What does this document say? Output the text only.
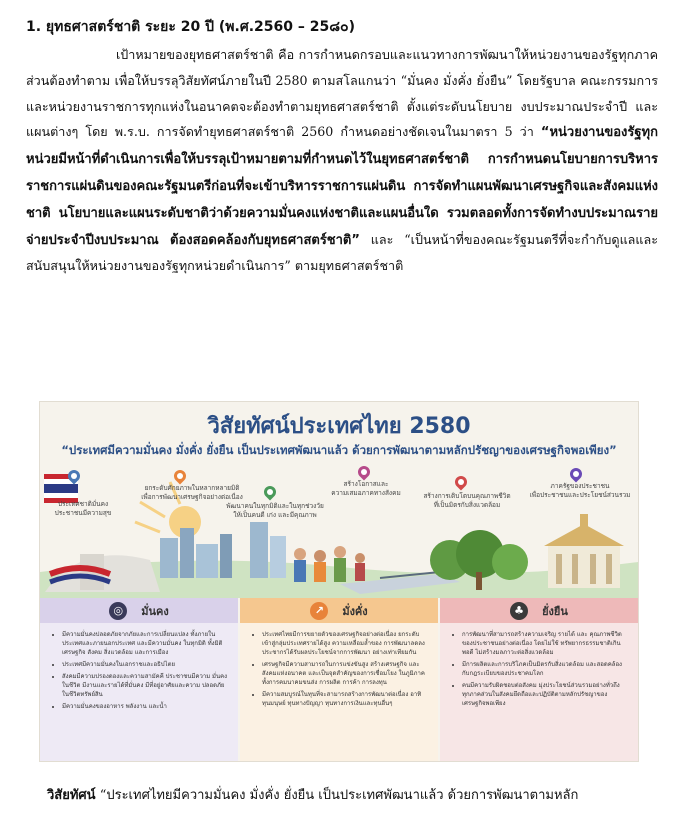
1. ยุทธศาสตร์ชาติ ระยะ 20 ปี (พ.ศ.2560 – 25๘๐)
เป้าหมายของยุทธศาสตร์ชาติ คือ การกำหนดกรอบและแนวทางการพัฒนาให้หน่วยงานของรัฐทุกภาคส่วนต้องทำตาม เพื่อให้บรรลุวิสัยทัศน์ภายในปี 2580 ตามสโลแกนว่า “มั่นคง มั่งคั่ง ยั่งยืน” โดยรัฐบาล คณะกรรมการ และหน่วยงานราชการทุกแห่งในอนาคตจะต้องทำตามยุทธศาสตร์ชาติ ตั้งแต่ระดับนโยบาย งบประมาณประจำปี และแผนต่างๆ โดย พ.ร.บ. การจัดทำยุทธศาสตร์ชาติ 2560 กำหนดอย่างชัดเจนในมาตรา 5 ว่า “หน่วยงานของรัฐทุกหน่วยมีหน้าที่ดำเนินการเพื่อให้บรรลุเป้าหมายตามที่กำหนดไว้ในยุทธศาสตร์ชาติ การกำหนดนโยบายการบริหารราชการแผ่นดินของคณะรัฐมนตรีก่อนที่จะเข้าบริหารราชการแผ่นดิน การจัดทำแผนพัฒนาเศรษฐกิจและสังคมแห่งชาติ นโยบายและแผนระดับชาติว่าด้วยความมั่นคงแห่งชาติและแผนอื่นใด รวมตลอดทั้งการจัดทำงบประมาณรายจ่ายประจำปีงบประมาณ ต้องสอดคล้องกับยุทธศาสตร์ชาติ” และ “เป็นหน้าที่ของคณะรัฐมนตรีที่จะกำกับดูแลและสนับสนุนให้หน่วยงานของรัฐทุกหน่วยดำเนินการ” ตามยุทธศาสตร์ชาติ
วิสัยทัศน์ประเทศไทย 2580
“ประเทศมีความมั่นคง มั่งคั่ง ยั่งยืน เป็นประเทศพัฒนาแล้ว ด้วยการพัฒนาตามหลักปรัชญาของเศรษฐกิจพอเพียง”
ประเทศชาติมั่นคง
ประชาชนมีความสุข
ยกระดับศักยภาพในหลากหลายมิติ
เพื่อการพัฒนาเศรษฐกิจอย่างต่อเนื่อง
พัฒนาคนในทุกมิติและในทุกช่วงวัย
ให้เป็นคนดี เก่ง และมีคุณภาพ
สร้างโอกาสและ
ความเสมอภาคทางสังคม	สร้างการเติบโตบนคุณภาพชีวิต
ที่เป็นมิตรกับสิ่งแวดล้อม
ภาครัฐของประชาชน
เพื่อประชาชนและประโยชน์ส่วนรวม
◎	มั่นคง
• มีความมั่นคงปลอดภัยจากภัยและการเปลี่ยนแปลง ทั้งภายในประเทศและภายนอกประเทศ และมีความมั่นคง ในทุกมิติ ทั้งมิติเศรษฐกิจ สังคม สิ่งแวดล้อม และการเมือง
• ประเทศมีความมั่นคงในเอกราชและอธิปไตย
• สังคมมีความปรองดองและความสามัคคี ประชาชนมีความ มั่นคงในชีวิต มีงานและรายได้ที่มั่นคง มีที่อยู่อาศัยและความ ปลอดภัยในชีวิตทรัพย์สิน
• มีความมั่นคงของอาหาร พลังงาน และน้ำ
↗	มั่งคั่ง
• ประเทศไทยมีการขยายตัวของเศรษฐกิจอย่างต่อเนื่อง ยกระดับเข้าสู่กลุ่มประเทศรายได้สูง ความเหลื่อมล้ำของ การพัฒนาลดลง ประชากรได้รับผลประโยชน์จากการพัฒนา อย่างเท่าเทียมกัน
• เศรษฐกิจมีความสามารถในการแข่งขันสูง สร้างเศรษฐกิจ และสังคมแห่งอนาคต และเป็นจุดสำคัญของการเชื่อมโยง ในภูมิภาคทั้งการคมนาคมขนส่ง การผลิต การค้า การลงทุน
• มีความสมบูรณ์ในทุนที่จะสามารถสร้างการพัฒนาต่อเนื่อง อาทิ ทุนมนุษย์ ทุนทางปัญญา ทุนทางการเงินและทุนอื่นๆ
♣	ยั่งยืน
• การพัฒนาที่สามารถสร้างความเจริญ รายได้ และ คุณภาพชีวิตของประชาชนอย่างต่อเนื่อง โดยไม่ใช้ ทรัพยากรธรรมชาติเกินพอดี ไม่สร้างมลภาวะต่อสิ่งแวดล้อม
• มีการผลิตและการบริโภคเป็นมิตรกับสิ่งแวดล้อม และสอดคล้องกับกฎระเบียบของประชาคมโลก
• คนมีความรับผิดชอบต่อสังคม มุ่งประโยชน์ส่วนรวมอย่างทั่วถึง ทุกภาคส่วนในสังคมยึดถือและปฏิบัติตามหลักปรัชญาของ เศรษฐกิจพอเพียง
วิสัยทัศน์ “ประเทศไทยมีความมั่นคง มั่งคั่ง ยั่งยืน เป็นประเทศพัฒนาแล้ว ด้วยการพัฒนาตามหลัก
